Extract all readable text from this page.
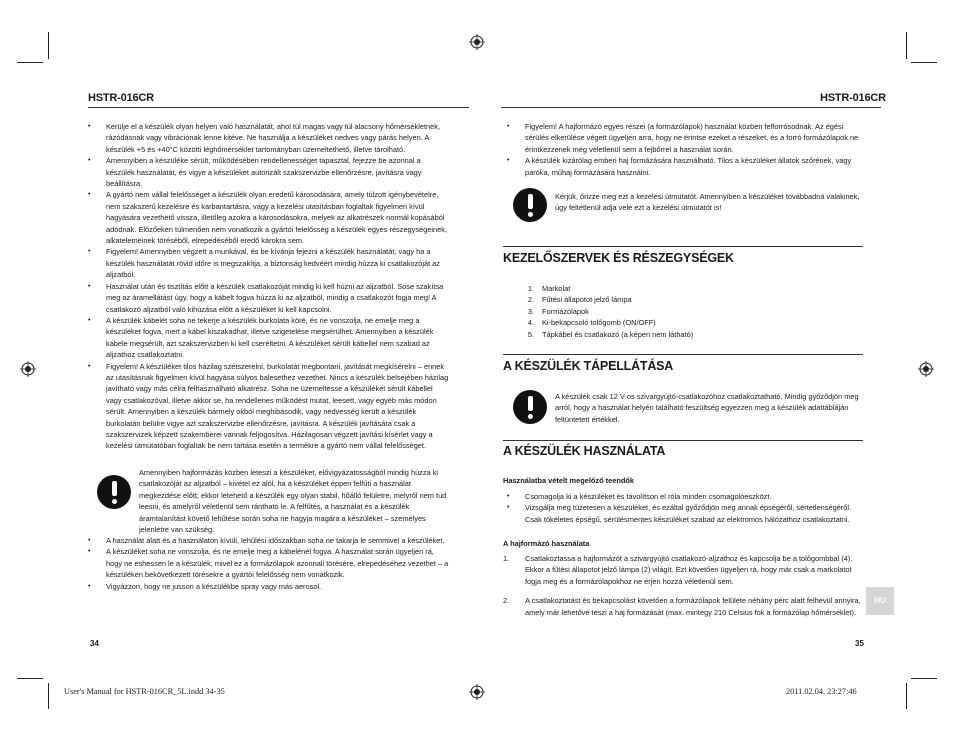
HSTR-016CR

• Kerülje el a készülék olyan helyen való használatát, ahol túl magas vagy túl alacsony hőmérsékletnek, rázódásnak vagy vibrációnak lenne kitéve. Ne használja a készüléket nedves vagy párás helyen. A készülék +5 és +40°C közötti léghőmérséklet tartományban üzemeltethető, illetve tárolható.

• Amennyiben a készüléke sérült, működésében rendellenességet tapasztal, fejezze be azonnal a készülék használatát, és vigye a készüléket autorizált szakszervizbe ellenőrzésre, javításra vagy beállításra.

• A gyártó nem vállal felelősséget a készülék olyan eredetű károsodására, amely túlzott igénybevételre, nem szakszerű kezelésre és karbantartásra, vagy a kezelési utasításban foglaltak figyelmen kívül hagyására vezethető vissza, illetőleg azokra a károsodásokra, melyek az alkatrészek normál kopásából adódnak. Előzőeken túlmenően nem vonatkozik a gyártói felelősség a készülék egyes részegységeinek, alkatelemeinek töréséből, elrepedéséből eredő károkra sem.

• Figyelem! Amennyiben végzett a munkával, és be kívánja fejezni a készülék használatát, vagy ha a készülék használatát rövid időre is megszakítja, a biztonság kedvéért mindig húzza ki csatlakozóját az aljzatból.

• Használat után és tisztítás előtt a készülék csatlakozóját mindig ki kell húzni az aljzatból. Sose szakítsa meg az áramellátást úgy, hogy a kábelt fogva húzza ki az aljzatból, mindig a csatlakozót fogja meg! A csatlakozó aljzatból való kihúzása előtt a készüléket ki kell kapcsolni.

• A készülék kábelét soha ne tekerje a készülék burkolata köré, és ne vonszolja, ne emelje meg a készüléket fogva, mert a kábel kiszakadhat, illetve szigetelése megsérülhet. Amennyiben a készülék kábele megsérült, azt szakszervizben ki kell cseréltetni. A készüléket sérült kábellel nem szabad az aljzathoz csatlakoztatni.

• Figyelem! A készüléket tilos házilag szétszerelni, burkolatát megbontani, javítását megkísérelni – ennek az utasításnak figyelmen kívül hagyása súlyos balesethez vezethet. Nincs a készülék belsejében házilag javítható vagy más célra felhasználható alkatrész. Soha ne üzemeltesse a készüléket sérült kábellel vagy csatlakozóval, illetve akkor se, ha rendellenes működést mutat, leesett, vagy egyéb más módon sérült. Amennyiben a készülék bármely okból meghibásodik, vagy nedvesség került a készülék burkolatán belülre vigye azt szakszervizbe ellenőrzésre, javításra. A készülék javítására csak a szakszervizek képzett szakemberei vannak feljogosítva. Házilagosan végzett javítási kísérlet vagy a kezelési útmutatóban foglaltak be nem tartása esetén a termékre a gyártó nem vállal felelősséget.

Amennyiben hajformázás közben leteszi a készüléket, elővigyázatosságból mindig húzza ki csatlakozóját az aljzatból – kivétel ez alól, ha a készüléket éppen felfűti a használat megkezdése előtt; ekkor letehető a készülék egy olyan stabil, hőálló felületre, melyről nem tud leesni, és amelyről véletlenül sem rántható le. A felfűtés, a használat és a készülék áramtalanítást követő lehűtése során soha ne hagyja magára a készüléket – személyes jelenlétre van szükség.

• A használat alatt és a használaton kívüli, lehűlési időszakban soha ne takarja le semmivel a készüléket.

• A készüléket soha ne vonszolja, és ne emelje meg a kábelénél fogva. A használat során ügyeljen rá, hogy ne eshessen le a készülék, mivel ez a formázólapok azonnali törésére, elrepedéséhez vezethet – a készüléken bekövetkezett törésekre a gyártói felelősség nem vonatkozik.

• Vigyázzon, hogy ne jusson a készülékbe spray vagy más aerosol.

34
HSTR-016CR

• Figyelem! A hajformázó egyes részei (a formázólapok) használat közben felforrósodnak. Az égési sérülés elkerülése végett ügyeljen arra, hogy ne érintse ezeket a részeket, és a forró formázólapok ne érintkezzenek még véletlenül sem a fejbőrrel a használat során.

• A készülék kizárólag emberi haj formázására használható. Tilos a készüléket állatok szőrének, vagy paróka, műhaj formázására használni.

Kérjük, őrizze meg ezt a kezelési útmutatót. Amennyiben a készüléket továbbadná valakinek, úgy feltétlenül adja vele ezt a kezelési útmutatót is!
KEZELŐSZERVEK ÉS RÉSZEGYSÉGEK

1. Markolat

2. Fűtési állapotot jelző lámpa

3. Formázólapok

4. Ki-bekapcsoló tolőgomb (ON/OFF)

5. Tápkábel és csatlakozó (a képen nem látható)

A KÉSZÜLÉK TÁPELLÁTÁSA
A készülék csak 12 V-os szivargyújtó-csatlakozóhoz csatlakoztatható. Mindig győződjön meg arról, hogy a használat helyén található feszültség egyezzen meg a készülék adattábláján feltüntetett értékkel.
A KÉSZÜLÉK HASZNÁLATA
Használatba vételt megelőző teendők

• Csomagolja ki a készüléket és távolítson el róla minden csomagolóeszközt.

• Vizsgálja meg tüzetesen a készüléket, és ezáltal győződjön meg annak épségéről, sértetlenségéről. Csak tökéletes épségű, sérülésmentes készüléket szabad az elektromos hálózathoz csatlakoztatni.

A hajformázó használata

1.	Csatlakoztassa a hajformázót a szivargyújtó csatlakozó-aljzathoz és kapcsolja be a tolőgombbal (4). Ekkor a fűtési állapotot jelző lámpa (2) világít. Ezt követően ügyeljen rá, hogy már csak a markolatot fogja meg és a formázólapokhoz ne érjen hozzá véletlenül sem.

2.	A csatlakoztatást és bekapcsolást követően a formázólapok felülete néhány perc alatt felhevül annyira, amely már lehetővé teszi a haj formázását (max. mintegy 210 Celsius fok a formázólap hőmérséklet).

HU
35
User's Manual for HSTR-016CR_5L.indd 34-35	2011.02.04. 23:27:46
